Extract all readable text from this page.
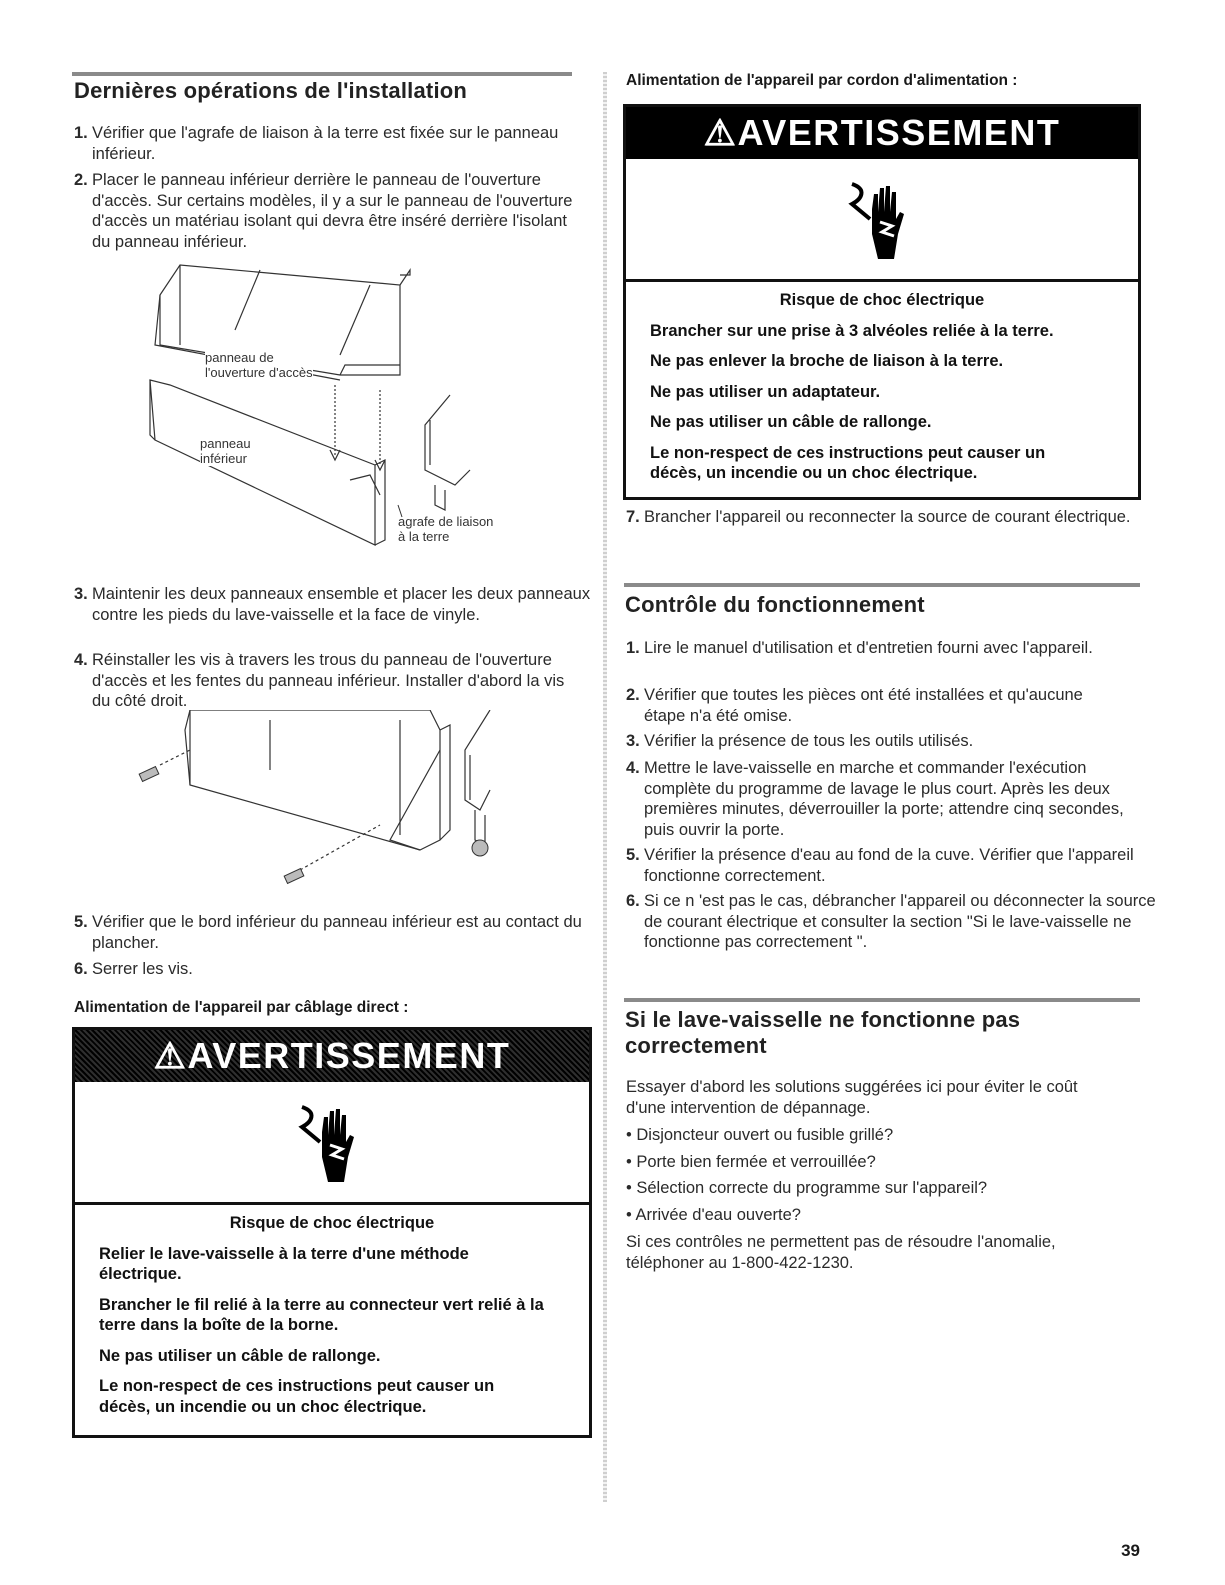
Dernières opérations de l'installation
1. Vérifier que l'agrafe de liaison à la terre est fixée sur le panneau inférieur.
2. Placer le panneau inférieur derrière le panneau de l'ouverture d'accès. Sur certains modèles, il y a sur le panneau de l'ouverture d'accès un matériau isolant qui devra être inséré derrière l'isolant du panneau inférieur.
panneau de
l'ouverture d'accès
panneau
inférieur
agrafe de liaison
à la terre
3. Maintenir les deux panneaux ensemble et placer les deux panneaux contre les pieds du lave-vaisselle et la face de vinyle.
4. Réinstaller les vis à travers les trous du panneau de l'ouverture d'accès et les fentes du panneau inférieur. Installer d'abord la vis du côté droit.
5. Vérifier que le bord inférieur du panneau inférieur est au contact du plancher.
6. Serrer les vis.
Alimentation de l'appareil par câblage direct :
⚠AVERTISSEMENT

Risque de choc électrique

Relier le lave-vaisselle à la terre d'une méthode électrique.

Brancher le fil relié à la terre au connecteur vert relié à la terre dans la boîte de la borne.

Ne pas utiliser un câble de rallonge.

Le non-respect de ces instructions peut causer un décès, un incendie ou un choc électrique.

Alimentation de l'appareil par cordon d'alimentation :
⚠AVERTISSEMENT

Risque de choc électrique

Brancher sur une prise à 3 alvéoles reliée à la terre.

Ne pas enlever la broche de liaison à la terre.

Ne pas utiliser un adaptateur.

Ne pas utiliser un câble de rallonge.

Le non-respect de ces instructions peut causer un décès, un incendie ou un choc électrique.

7. Brancher l'appareil ou reconnecter la source de courant électrique.
Contrôle du fonctionnement
1. Lire le manuel d'utilisation et d'entretien fourni avec l'appareil.
2. Vérifier que toutes les pièces ont été installées et qu'aucune étape n'a été omise.
3. Vérifier la présence de tous les outils utilisés.
4. Mettre le lave-vaisselle en marche et commander l'exécution complète du programme de lavage le plus court. Après les deux premières minutes, déverrouiller la porte; attendre cinq secondes, puis ouvrir la porte.
5. Vérifier la présence d'eau au fond de la cuve. Vérifier que l'appareil fonctionne correctement.
6. Si ce n 'est pas le cas, débrancher l'appareil ou déconnecter la source de courant électrique et consulter la section "Si le lave-vaisselle ne fonctionne pas correctement ".
Si le lave-vaisselle ne fonctionne pas correctement
Essayer d'abord les solutions suggérées ici pour éviter le coût d'une intervention de dépannage.
• Disjoncteur ouvert ou fusible grillé?
• Porte bien fermée et verrouillée?
• Sélection correcte du programme sur l'appareil?
• Arrivée d'eau ouverte?
Si ces contrôles ne permettent pas de résoudre l'anomalie, téléphoner au 1-800-422-1230.
39
